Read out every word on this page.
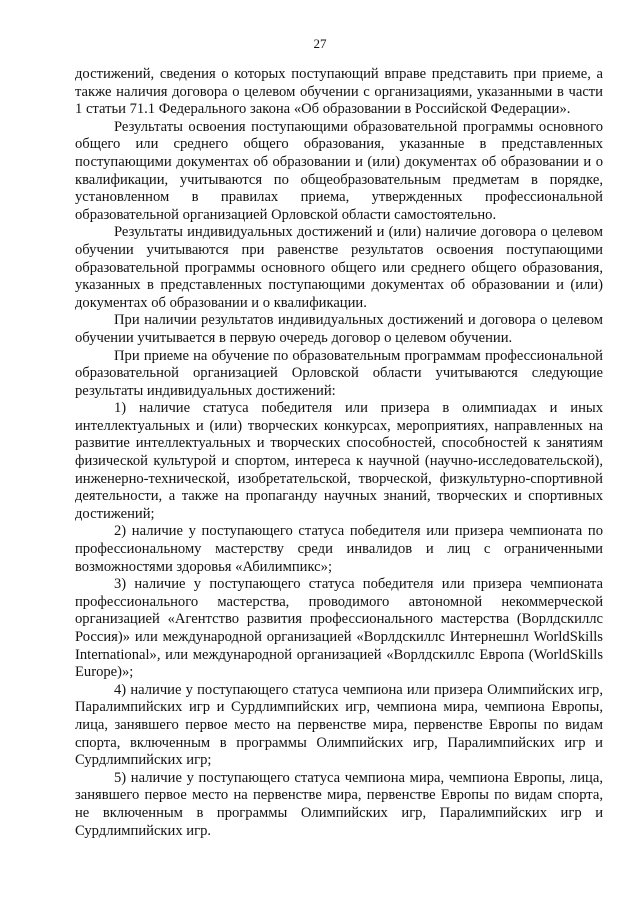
27

достижений, сведения о которых поступающий вправе представить при приеме, а также наличия договора о целевом обучении с организациями, указанными в части 1 статьи 71.1 Федерального закона «Об образовании в Российской Федерации».

Результаты освоения поступающими образовательной программы основного общего или среднего общего образования, указанные в представленных поступающими документах об образовании и (или) документах об образовании и о квалификации, учитываются по общеобразовательным предметам в порядке, установленном в правилах приема, утвержденных профессиональной образовательной организацией Орловской области самостоятельно.

Результаты индивидуальных достижений и (или) наличие договора о целевом обучении учитываются при равенстве результатов освоения поступающими образовательной программы основного общего или среднего общего образования, указанных в представленных поступающими документах об образовании и (или) документах об образовании и о квалификации.

При наличии результатов индивидуальных достижений и договора о целевом обучении учитывается в первую очередь договор о целевом обучении.

При приеме на обучение по образовательным программам профессиональной образовательной организацией Орловской области учитываются следующие результаты индивидуальных достижений:

1) наличие статуса победителя или призера в олимпиадах и иных интеллектуальных и (или) творческих конкурсах, мероприятиях, направленных на развитие интеллектуальных и творческих способностей, способностей к занятиям физической культурой и спортом, интереса к научной (научно-исследовательской), инженерно-технической, изобретательской, творческой, физкультурно-спортивной деятельности, а также на пропаганду научных знаний, творческих и спортивных достижений;

2) наличие у поступающего статуса победителя или призера чемпионата по профессиональному мастерству среди инвалидов и лиц с ограниченными возможностями здоровья «Абилимпикс»;

3) наличие у поступающего статуса победителя или призера чемпионата профессионального мастерства, проводимого автономной некоммерческой организацией «Агентство развития профессионального мастерства (Ворлдскиллс Россия)» или международной организацией «Ворлдскиллс Интернешнл WorldSkills International», или международной организацией «Ворлдскиллс Европа (WorldSkills Europe)»;

4) наличие у поступающего статуса чемпиона или призера Олимпийских игр, Паралимпийских игр и Сурдлимпийских игр, чемпиона мира, чемпиона Европы, лица, занявшего первое место на первенстве мира, первенстве Европы по видам спорта, включенным в программы Олимпийских игр, Паралимпийских игр и Сурдлимпийских игр;

5) наличие у поступающего статуса чемпиона мира, чемпиона Европы, лица, занявшего первое место на первенстве мира, первенстве Европы по видам спорта, не включенным в программы Олимпийских игр, Паралимпийских игр и Сурдлимпийских игр.
